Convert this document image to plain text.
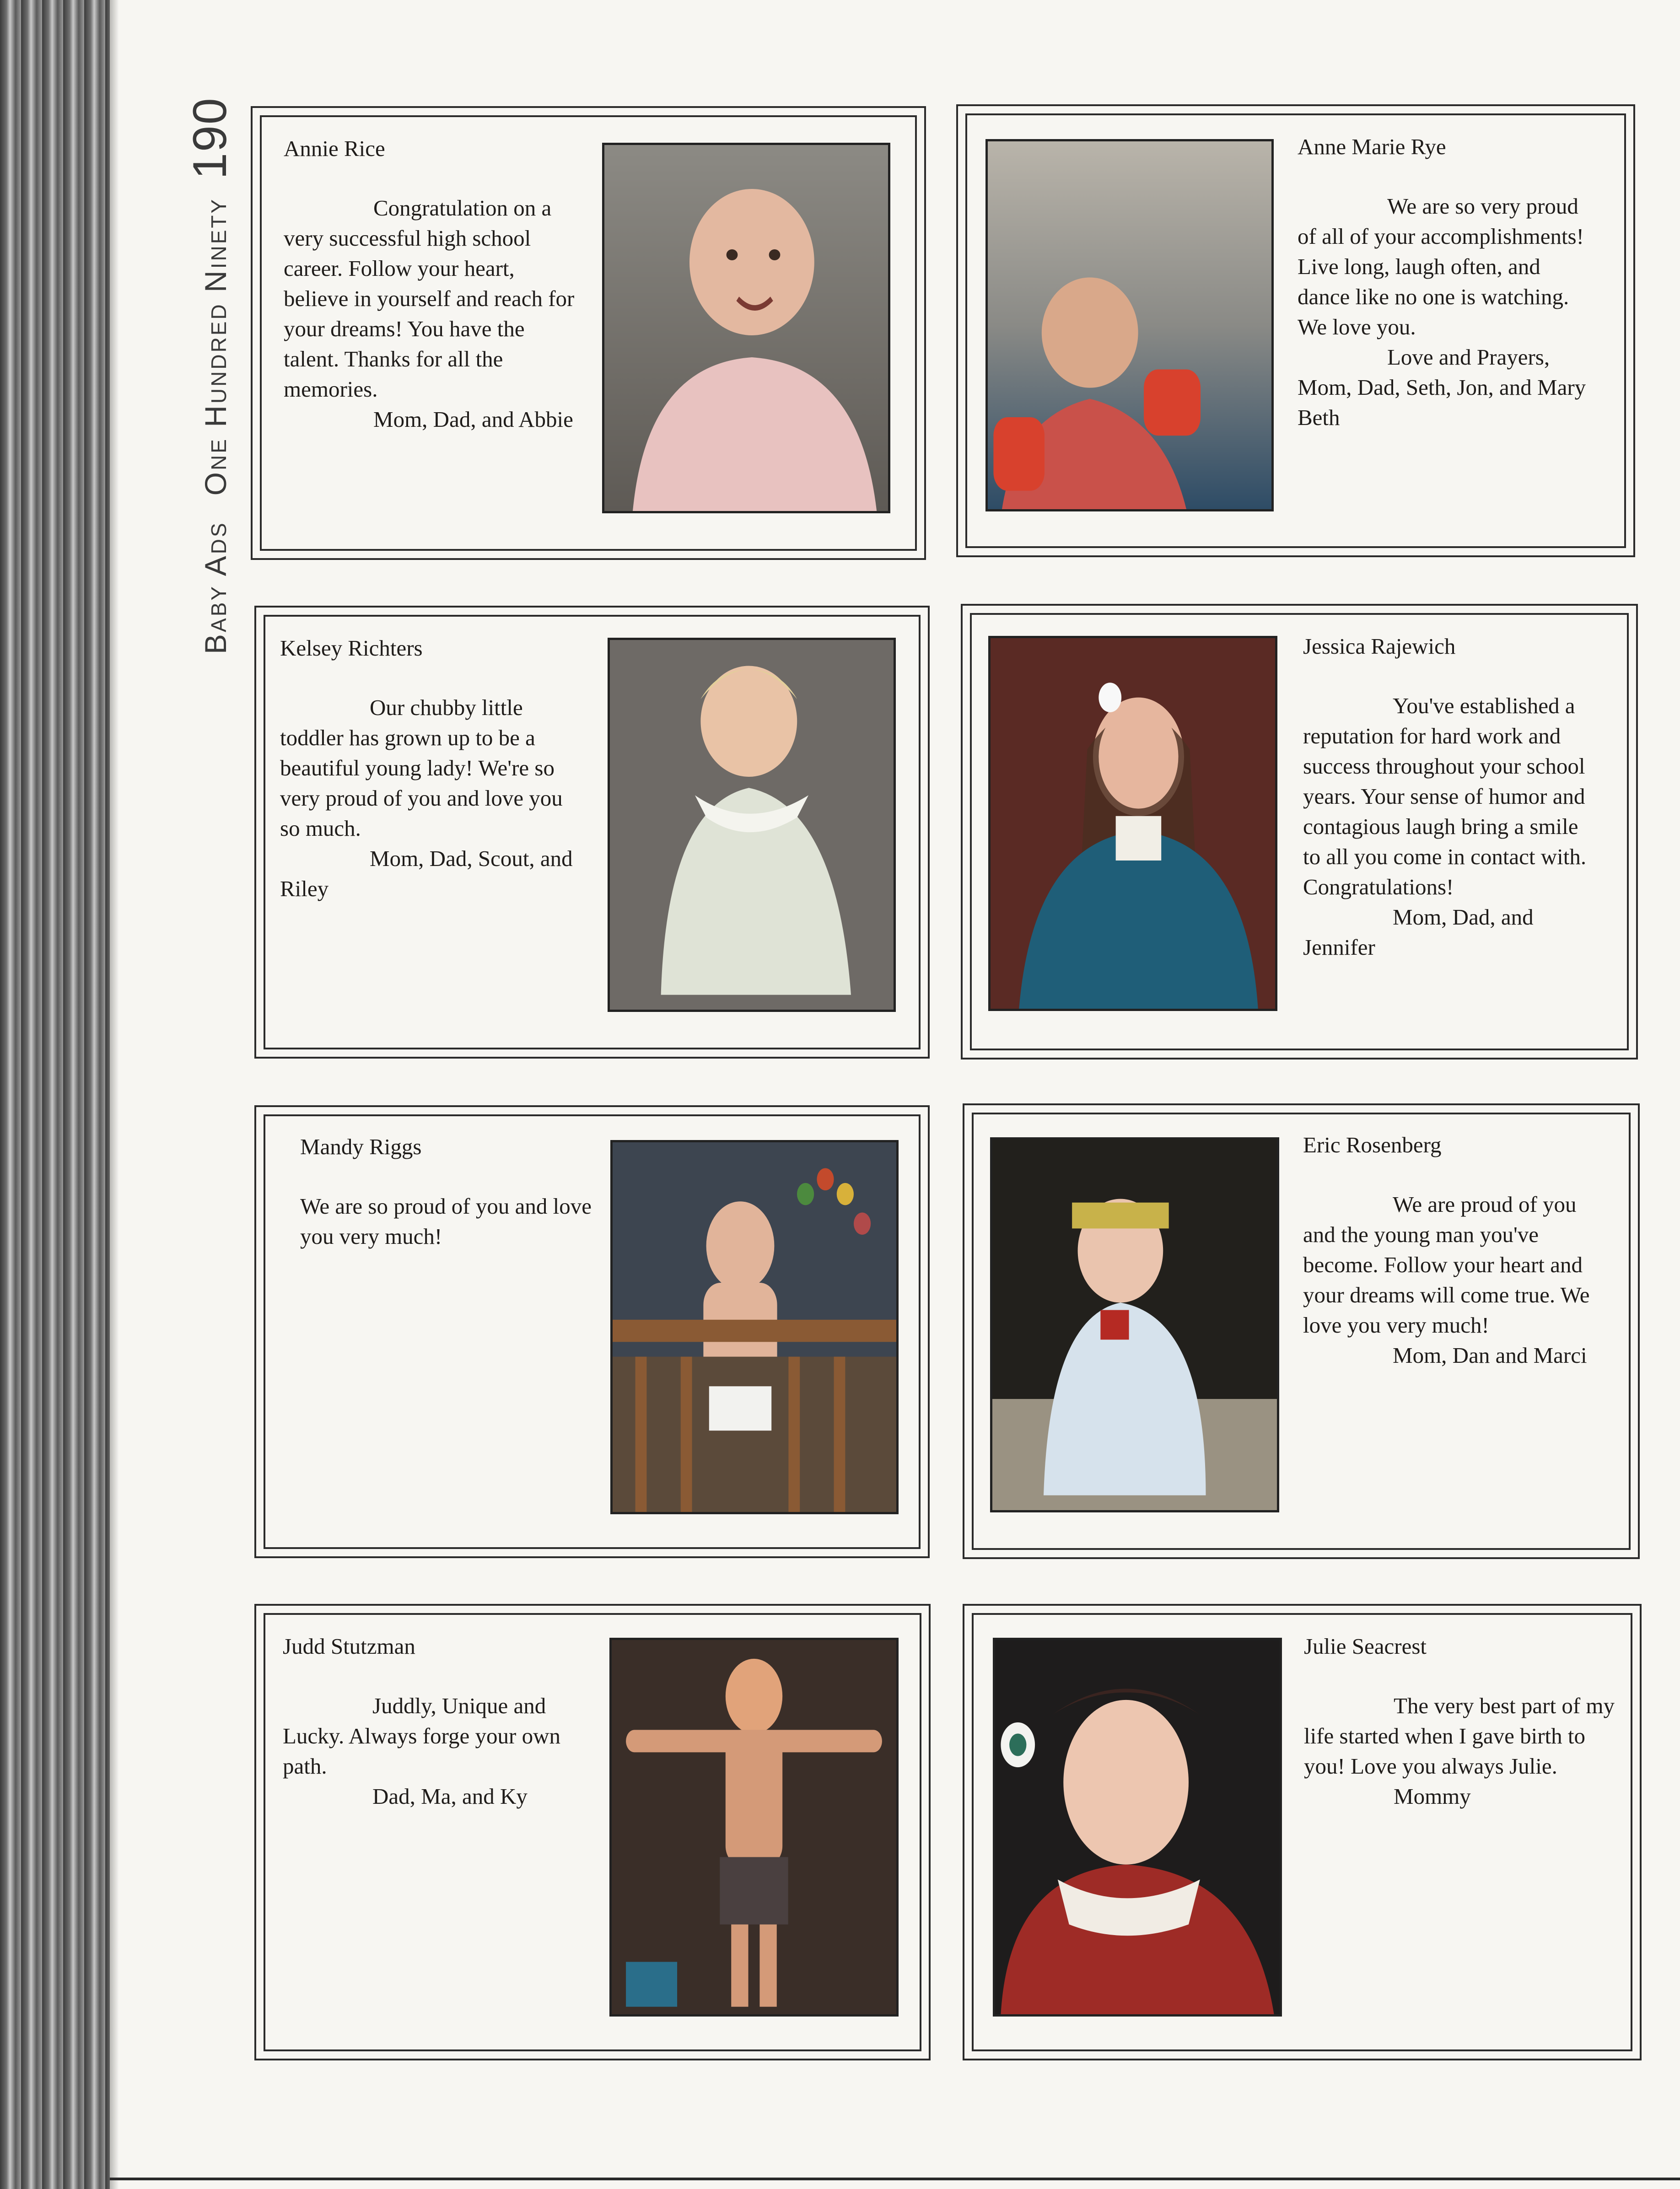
Baby AdsOne Hundred Ninety190 Annie Rice
Congratulation on a very successful high school career. Follow your heart, believe in yourself and reach for your dreams! You have the talent. Thanks for all the memories.
Mom, Dad, and Abbie
Anne Marie Rye
We are so very proud of all of your accomplishments! Live long, laugh often, and dance like no one is watching. We love you.
Love and Prayers, Mom, Dad, Seth, Jon, and Mary Beth
Kelsey Richters
Our chubby little toddler has grown up to be a beautiful young lady! We're so very proud of you and love you so much.
Mom, Dad, Scout, and Riley
Jessica Rajewich
You've established a reputation for hard work and success throughout your school years. Your sense of humor and contagious laugh bring a smile to all you come in contact with. Congratulations!
Mom, Dad, and Jennifer
Mandy Riggs
We are so proud of you and love you very much!
Eric Rosenberg
We are proud of you and the young man you've become. Follow your heart and your dreams will come true. We love you very much!
Mom, Dan and Marci
Judd Stutzman
Juddly, Unique and Lucky. Always forge your own path.
Dad, Ma, and Ky
Julie Seacrest
The very best part of my life started when I gave birth to you! Love you always Julie.
Mommy
